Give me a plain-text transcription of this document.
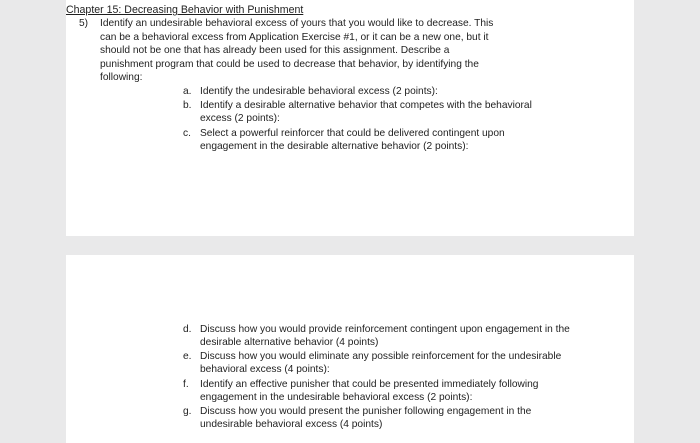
Chapter 15: Decreasing Behavior with Punishment
5) Identify an undesirable behavioral excess of yours that you would like to decrease. This can be a behavioral excess from Application Exercise #1, or it can be a new one, but it should not be one that has already been used for this assignment. Describe a punishment program that could be used to decrease that behavior, by identifying the following:

a. Identify the undesirable behavioral excess (2 points):
b. Identify a desirable alternative behavior that competes with the behavioral excess (2 points):
c. Select a powerful reinforcer that could be delivered contingent upon engagement in the desirable alternative behavior (2 points):
d. Discuss how you would provide reinforcement contingent upon engagement in the desirable alternative behavior (4 points)
e. Discuss how you would eliminate any possible reinforcement for the undesirable behavioral excess (4 points):
f.	Identify an effective punisher that could be presented immediately following engagement in the undesirable behavioral excess (2 points):
g. Discuss how you would present the punisher following engagement in the undesirable behavioral excess (4 points)
